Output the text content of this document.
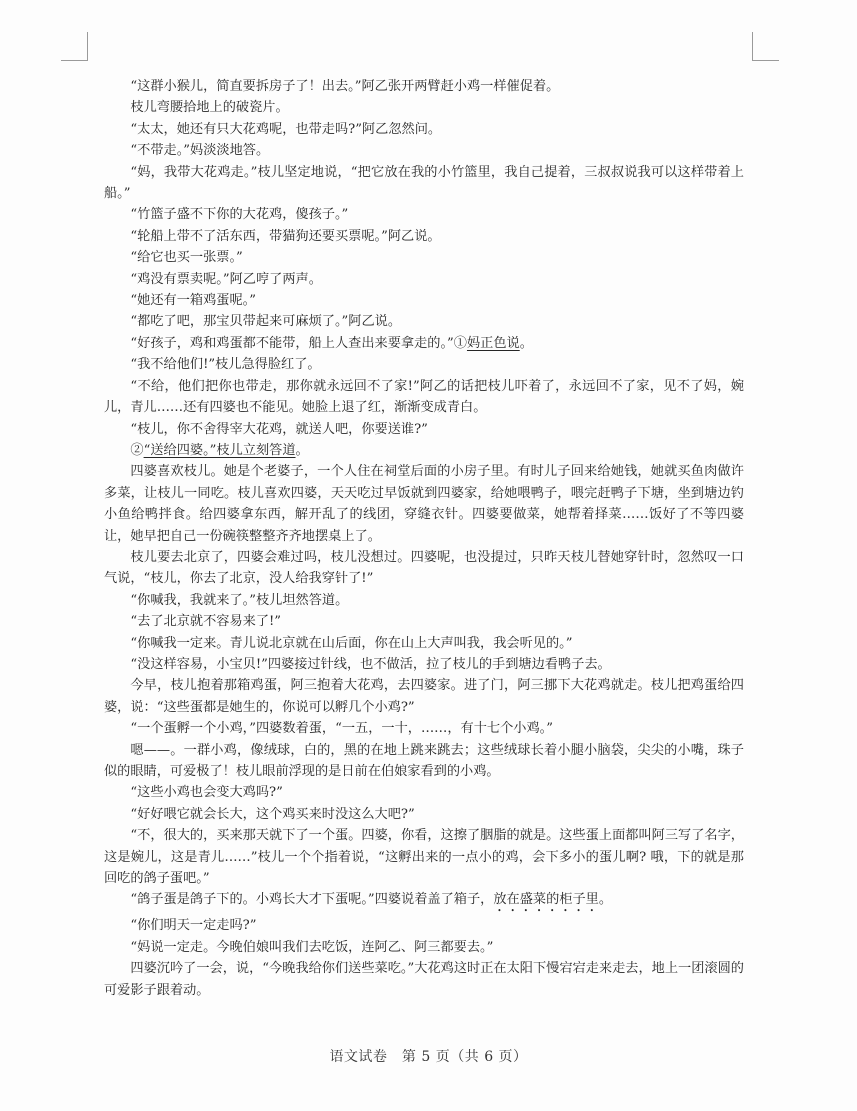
“这群小猴儿，简直要拆房子了！出去。”阿乙张开两臂赶小鸡一样催促着。

枝儿弯腰拾地上的破瓷片。

“太太，她还有只大花鸡呢，也带走吗?”阿乙忽然问。

“不带走。”妈淡淡地答。

“妈，我带大花鸡走。”枝儿坚定地说，“把它放在我的小竹篮里，我自己提着，三叔叔说我可以这样带着上船。”

“竹篮子盛不下你的大花鸡，傻孩子。”

“轮船上带不了活东西，带猫狗还要买票呢。”阿乙说。

“给它也买一张票。”

“鸡没有票卖呢。”阿乙哼了两声。

“她还有一箱鸡蛋呢。”

“都吃了吧，那宝贝带起来可麻烦了。”阿乙说。

“好孩子，鸡和鸡蛋都不能带，船上人查出来要拿走的。”①妈正色说。

“我不给他们!”枝儿急得脸红了。

“不给，他们把你也带走，那你就永远回不了家!”阿乙的话把枝儿吓着了，永远回不了家，见不了妈，婉儿，青儿……还有四婆也不能见。她脸上退了红，渐渐变成青白。

“枝儿，你不舍得宰大花鸡，就送人吧，你要送谁?”

②“送给四婆。”枝儿立刻答道。

四婆喜欢枝儿。她是个老婆子，一个人住在祠堂后面的小房子里。有时儿子回来给她钱，她就买鱼肉做许多菜，让枝儿一同吃。枝儿喜欢四婆，天天吃过早饭就到四婆家，给她喂鸭子，喂完赶鸭子下塘，坐到塘边钓小鱼给鸭拌食。给四婆拿东西，解开乱了的线团，穿缝衣针。四婆要做菜，她帮着择菜……饭好了不等四婆让，她早把自己一份碗筷整整齐齐地摆桌上了。

枝儿要去北京了，四婆会难过吗，枝儿没想过。四婆呢，也没提过，只昨天枝儿替她穿针时，忽然叹一口气说，“枝儿，你去了北京，没人给我穿针了!”

“你喊我，我就来了。”枝儿坦然答道。

“去了北京就不容易来了!”

“你喊我一定来。青儿说北京就在山后面，你在山上大声叫我，我会听见的。”

“没这样容易，小宝贝!”四婆接过针线，也不做活，拉了枝儿的手到塘边看鸭子去。

今早，枝儿抱着那箱鸡蛋，阿三抱着大花鸡，去四婆家。进了门，阿三挪下大花鸡就走。枝儿把鸡蛋给四婆，说：“这些蛋都是她生的，你说可以孵几个小鸡?”

“一个蛋孵一个小鸡，”四婆数着蛋，“一五，一十，……，有十七个小鸡。”

嗯——。一群小鸡，像绒球，白的，黑的在地上跳来跳去；这些绒球长着小腿小脑袋，尖尖的小嘴，珠子似的眼睛，可爱极了！枝儿眼前浮现的是日前在伯娘家看到的小鸡。

“这些小鸡也会变大鸡吗?”

“好好喂它就会长大，这个鸡买来时没这么大吧?”

“不，很大的，买来那天就下了一个蛋。四婆，你看，这擦了胭脂的就是。这些蛋上面都叫阿三写了名字，这是婉儿，这是青儿……”枝儿一个个指着说，“这孵出来的一点小的鸡，会下多小的蛋儿啊? 哦，下的就是那回吃的鸽子蛋吧。”

“鸽子蛋是鸽子下的。小鸡长大才下蛋呢。”四婆说着盖了箱子，放在盛菜的柜子里。

“你们明天一定走吗?”

“妈说一定走。今晚伯娘叫我们去吃饭，连阿乙、阿三都要去。”

四婆沉吟了一会，说，“今晚我给你们送些菜吃。”大花鸡这时正在太阳下慢宕宕走来走去，地上一团滚圆的可爱影子跟着动。

语文试卷　第 5 页（共 6 页）
